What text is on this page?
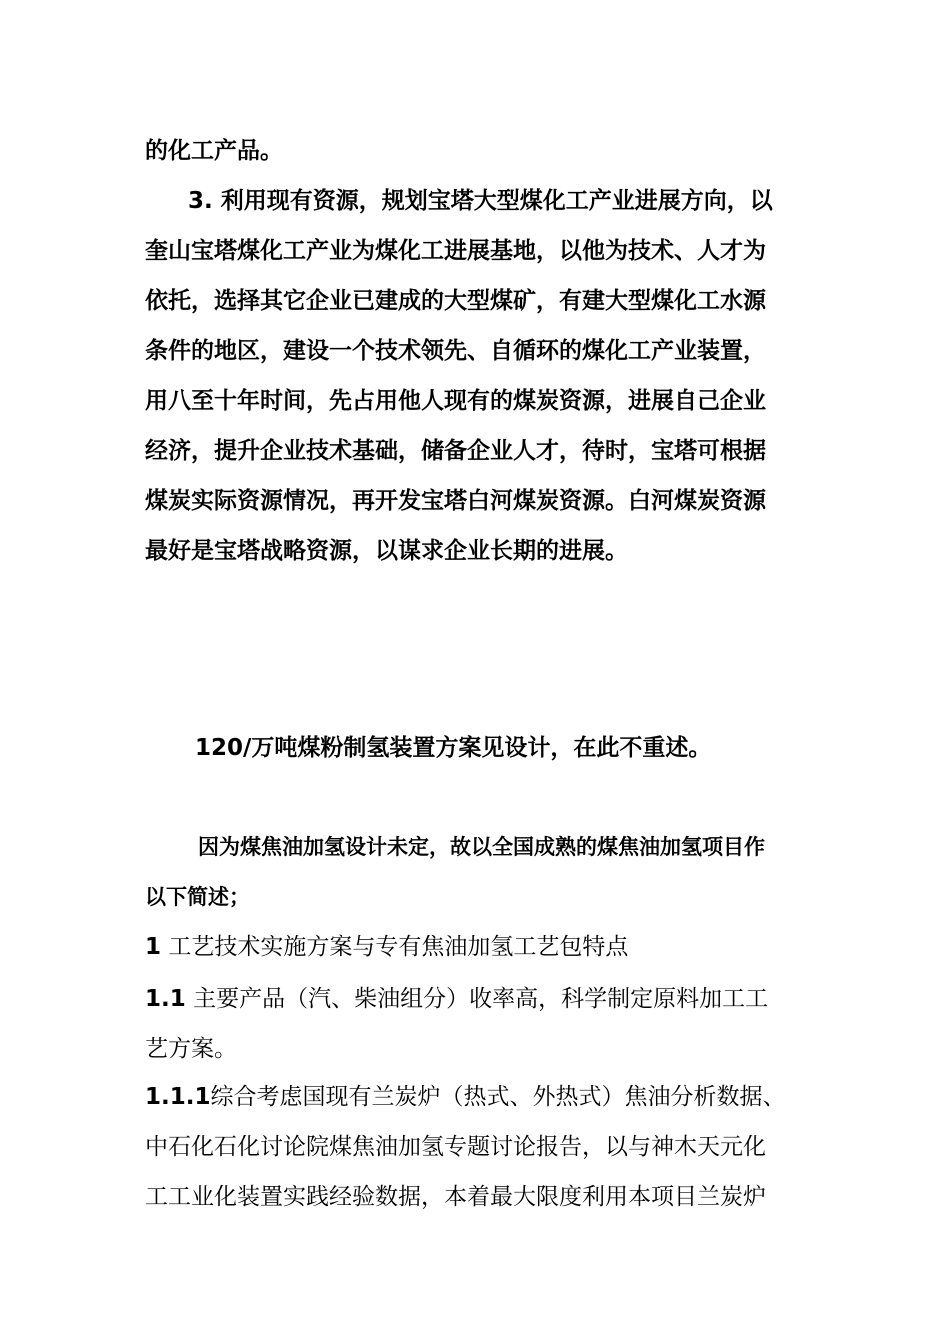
的化工产品。
3. 利用现有资源，规划宝塔大型煤化工产业进展方向，以
奎山宝塔煤化工产业为煤化工进展基地，以他为技术、人才为
依托，选择其它企业已建成的大型煤矿，有建大型煤化工水源
条件的地区，建设一个技术领先、自循环的煤化工产业装置，
用八至十年时间，先占用他人现有的煤炭资源，进展自己企业
经济，提升企业技术基础，储备企业人才，待时，宝塔可根据
煤炭实际资源情况，再开发宝塔白河煤炭资源。白河煤炭资源
最好是宝塔战略资源，以谋求企业长期的进展。
120/万吨煤粉制氢装置方案见设计，在此不重述。
因为煤焦油加氢设计未定，故以全国成熟的煤焦油加氢项目作
以下简述；
1 工艺技术实施方案与专有焦油加氢工艺包特点
1.1 主要产品（汽、柴油组分）收率高，科学制定原料加工工
艺方案。
1.1.1综合考虑国现有兰炭炉（热式、外热式）焦油分析数据、
中石化石化讨论院煤焦油加氢专题讨论报告，以与神木天元化
工工业化装置实践经验数据，本着最大限度利用本项目兰炭炉
